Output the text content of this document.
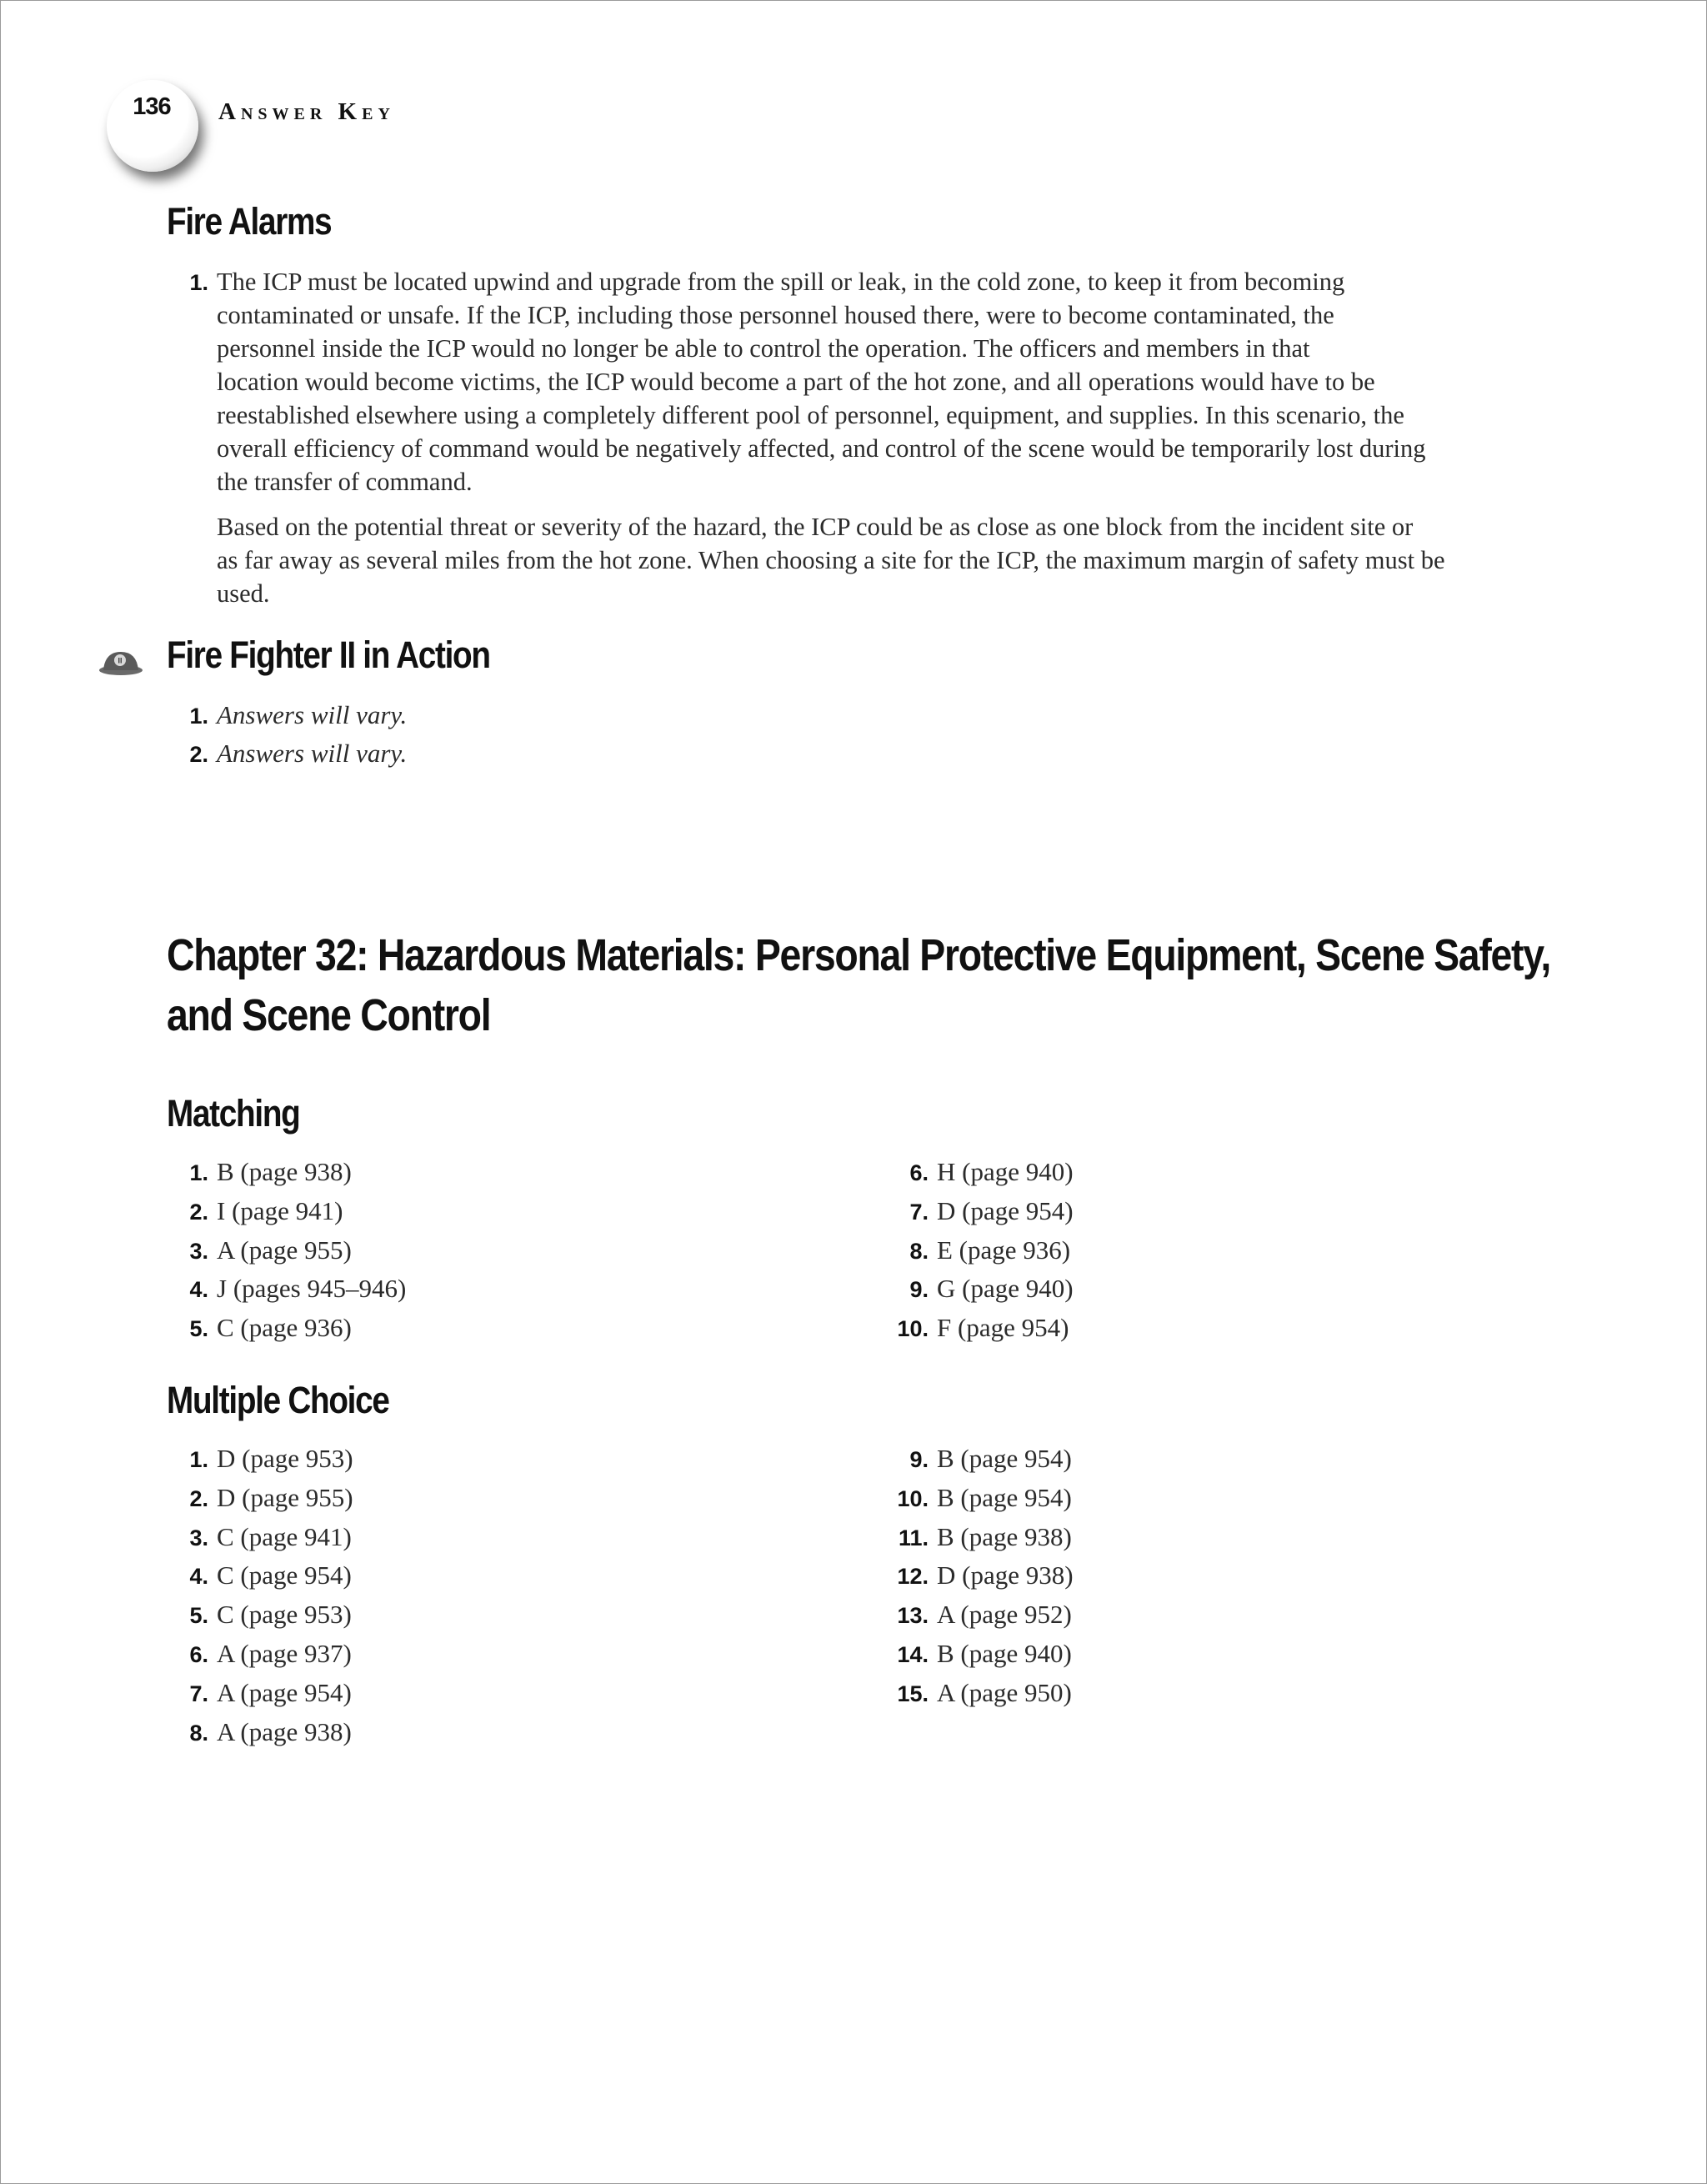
136 Answer Key
Fire Alarms
1. The ICP must be located upwind and upgrade from the spill or leak, in the cold zone, to keep it from becoming
contaminated or unsafe. If the ICP, including those personnel housed there, were to become contaminated, the
personnel inside the ICP would no longer be able to control the operation. The officers and members in that
location would become victims, the ICP would become a part of the hot zone, and all operations would have to be
reestablished elsewhere using a completely different pool of personnel, equipment, and supplies. In this scenario, the
overall efficiency of command would be negatively affected, and control of the scene would be temporarily lost during
the transfer of command.
Based on the potential threat or severity of the hazard, the ICP could be as close as one block from the incident site or
as far away as several miles from the hot zone. When choosing a site for the ICP, the maximum margin of safety must be
used.
II Fire Fighter II in Action
1. Answers will vary.
2. Answers will vary.
Chapter 32: Hazardous Materials: Personal Protective Equipment, Scene Safety,
and Scene Control
Matching
1. B (page 938)
2. I (page 941)
3. A (page 955)
4. J (pages 945–946)
5. C (page 936)
6. H (page 940)
7. D (page 954)
8. E (page 936)
9. G (page 940)
10. F (page 954)
Multiple Choice
1. D (page 953)
2. D (page 955)
3. C (page 941)
4. C (page 954)
5. C (page 953)
6. A (page 937)
7. A (page 954)
8. A (page 938)
9. B (page 954)
10. B (page 954)
11. B (page 938)
12. D (page 938)
13. A (page 952)
14. B (page 940)
15. A (page 950)
